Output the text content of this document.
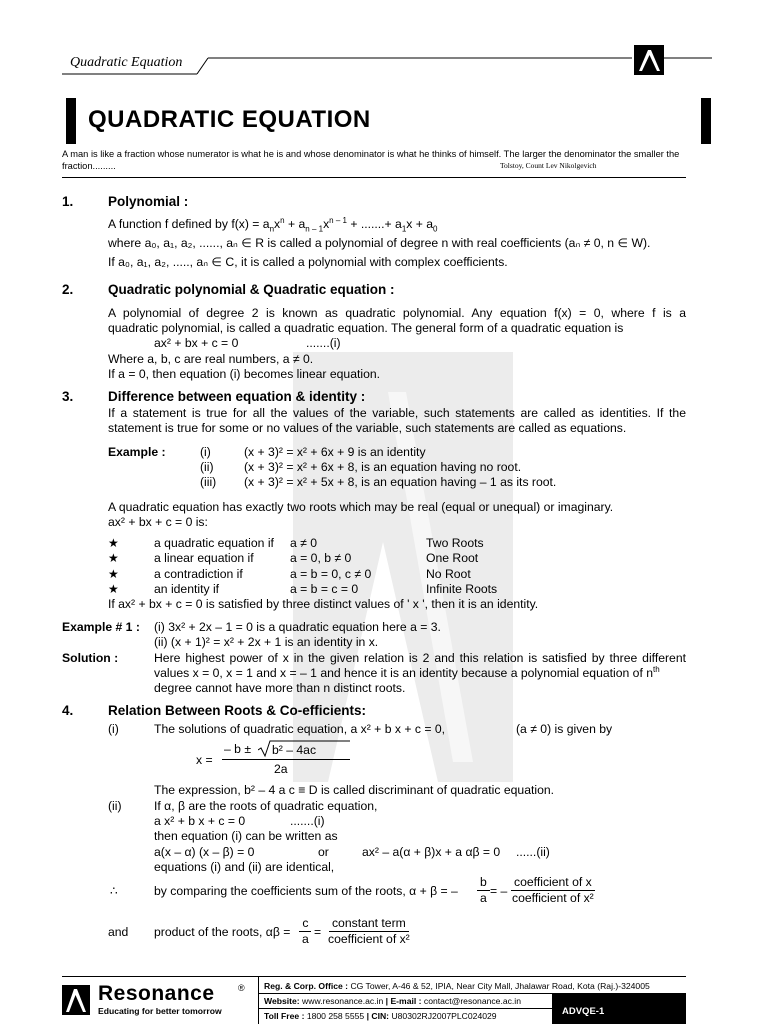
Quadratic Equation
QUADRATIC EQUATION
A man is like a fraction whose numerator is what he is and whose denominator is what he thinks of himself. The larger the denominator the smaller the fraction.........	Tolstoy, Count Lev Nikolgevich
1.	Polynomial :
A function f defined by $f(x) = a_nx^n + a_{n - 1}x^{n - 1}$ + .......+ $a_1x + a_0$
where a₀, a₁, a₂, ......, aₙ ∈ R is called a polynomial of degree n with real coefficients (aₙ ≠ 0, n ∈ W).
If a₀, a₁, a₂, ....., aₙ ∈ C, it is called a polynomial with complex coefficients.
2.	Quadratic polynomial & Quadratic equation :
A polynomial of degree 2 is known as quadratic polynomial. Any equation f(x) = 0, where f is a
quadratic polynomial, is called a quadratic equation. The general form of a quadratic equation is
ax² + bx + c = 0	.......(i)
Where a, b, c are real numbers, a ≠ 0.
If a = 0, then equation (i) becomes linear equation.
3.	Difference between equation & identity :
If a statement is true for all the values of the variable, such statements are called as identities. If the
statement is true for some or no values of the variable, such statements are called as equations.
Example :	(i)	(x + 3)² = x² + 6x + 9 is an identity
(ii) (x + 3)² = x² + 6x + 8, is an equation having no root.
(iii) (x + 3)² = x² + 5x + 8, is an equation having – 1 as its root.
A quadratic equation has exactly two roots which may be real (equal or unequal) or imaginary.
ax² + bx + c = 0 is:
★	a quadratic equation if a ≠ 0	Two Roots
★	a linear equation if	a = 0, b ≠ 0	One Root
★	a contradiction if	a = b = 0, c ≠ 0	No Root
★	an identity if	a = b = c = 0	Infinite Roots
If ax² + bx + c = 0 is satisfied by three distinct values of ' x ', then it is an identity.
Example # 1 : (i) 3x² + 2x – 1 = 0 is a quadratic equation here a = 3.
(ii) (x + 1)² = x² + 2x + 1 is an identity in x.
Solution :	Here highest power of x in the given relation is 2 and this relation is satisfied by three different
values x = 0, x = 1 and x = – 1 and hence it is an identity because a polynomial equation of $n^{th}$
degree cannot have more than n distinct roots.
4.	Relation Between Roots & Co-efficients:
(i)	The solutions of quadratic equation, a x² + b x + c = 0,	(a ≠ 0) is given by
x =
– b ± b² – 4ac
2a
The expression, b² – 4 a c ≡ D is called discriminant of quadratic equation.
(ii)	If α, β are the roots of quadratic equation,
a x² + b x + c = 0	.......(i)
then equation (i) can be written as
a(x – α) (x – β) = 0	or	ax² – a(α + β)x + a αβ = 0 ......(ii)
equations (i) and (ii) are identical,
∴	by comparing the coefficients sum of the roots, α + β = – $\frac{b}{a}$ = – $\frac{\text{coefficient of x}}{\text{coefficient of x²}}$
and product of the roots, $\alpha\beta = \frac{c}{a} = \frac{\text{constant term}}{\text{coefficient of x²}}$
Resonance	®
Educating for better tomorrow
Reg. & Corp. Office : CG Tower, A-46 & 52, IPIA, Near City Mall, Jhalawar Road, Kota (Raj.)-324005
Website: www.resonance.ac.in | E-mail : contact@resonance.ac.in
Toll Free : 1800 258 5555 | CIN: U80302RJ2007PLC024029	ADVQE-1
